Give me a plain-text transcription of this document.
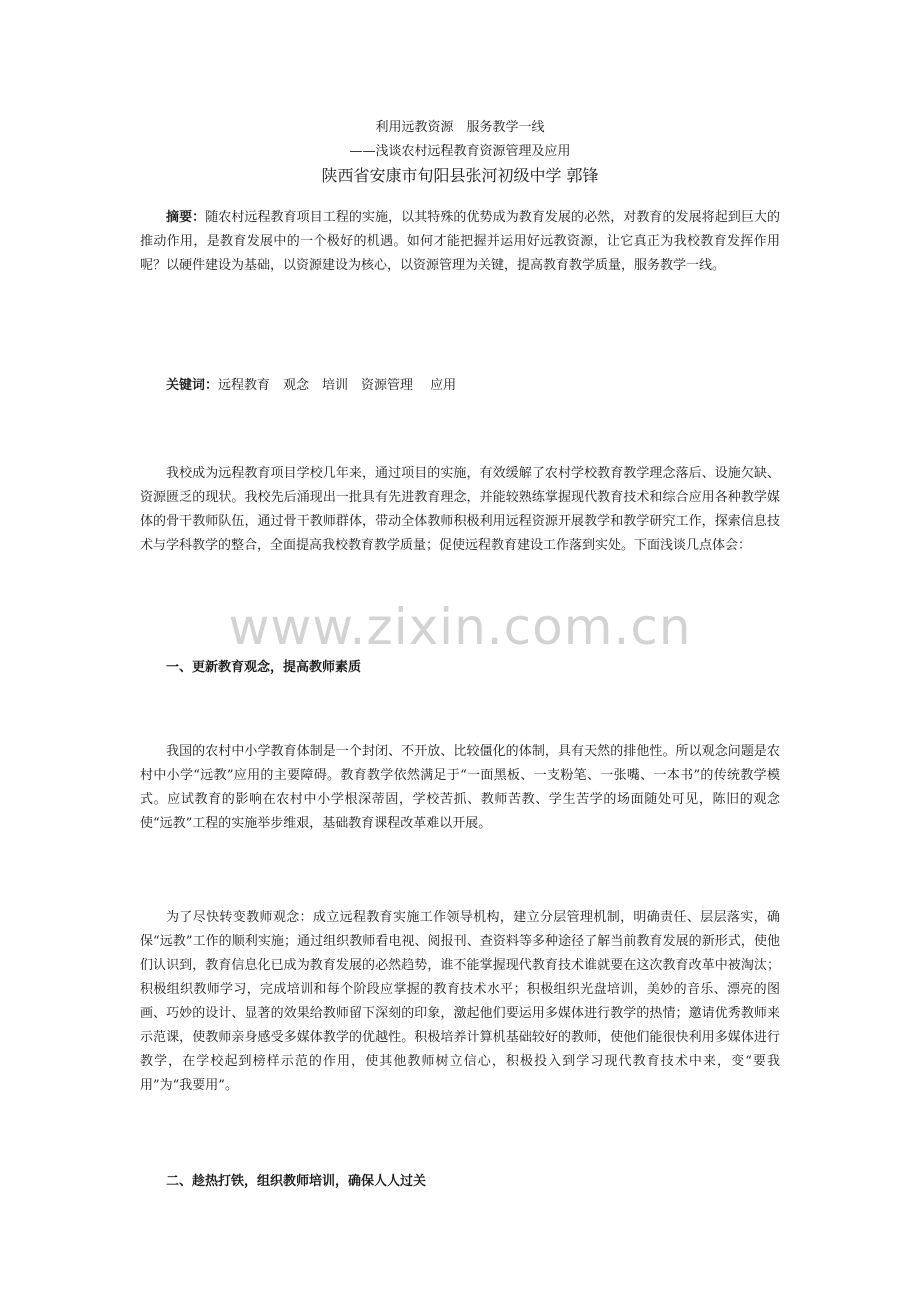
利用远教资源　服务教学一线
——浅谈农村远程教育资源管理及应用
陕西省安康市旬阳县张河初级中学 郭锋
摘要：随农村远程教育项目工程的实施，以其特殊的优势成为教育发展的必然，对教育的发展将起到巨大的推动作用，是教育发展中的一个极好的机遇。如何才能把握并运用好远教资源，让它真正为我校教育发挥作用呢？以硬件建设为基础，以资源建设为核心，以资源管理为关键，提高教育教学质量，服务教学一线。
关键词：远程教育　观念　培训　资源管理　 应用
我校成为远程教育项目学校几年来，通过项目的实施，有效缓解了农村学校教育教学理念落后、设施欠缺、资源匮乏的现状。我校先后涌现出一批具有先进教育理念，并能较熟练掌握现代教育技术和综合应用各种教学媒体的骨干教师队伍，通过骨干教师群体，带动全体教师积极利用远程资源开展教学和教学研究工作，探索信息技术与学科教学的整合，全面提高我校教育教学质量；促使远程教育建设工作落到实处。下面浅谈几点体会：
www.zixin.com.cn
一、更新教育观念，提高教师素质
我国的农村中小学教育体制是一个封闭、不开放、比较僵化的体制，具有天然的排他性。所以观念问题是农村中小学“远教”应用的主要障碍。教育教学依然满足于“一面黑板、一支粉笔、一张嘴、一本书”的传统教学模式。应试教育的影响在农村中小学根深蒂固，学校苦抓、教师苦教、学生苦学的场面随处可见，陈旧的观念使“远教”工程的实施举步维艰，基础教育课程改革难以开展。
为了尽快转变教师观念：成立远程教育实施工作领导机构，建立分层管理机制，明确责任、层层落实，确保“远教”工作的顺利实施；通过组织教师看电视、阅报刊、查资料等多种途径了解当前教育发展的新形式，使他们认识到，教育信息化已成为教育发展的必然趋势，谁不能掌握现代教育技术谁就要在这次教育改革中被淘汰；积极组织教师学习，完成培训和每个阶段应掌握的教育技术水平；积极组织光盘培训，美妙的音乐、漂亮的图画、巧妙的设计、显著的效果给教师留下深刻的印象，激起他们要运用多媒体进行教学的热情；邀请优秀教师来示范课，使教师亲身感受多媒体教学的优越性。积极培养计算机基础较好的教师，使他们能很快利用多媒体进行教学，在学校起到榜样示范的作用，使其他教师树立信心，积极投入到学习现代教育技术中来，变“要我用”为“我要用”。
二、趁热打铁，组织教师培训，确保人人过关
